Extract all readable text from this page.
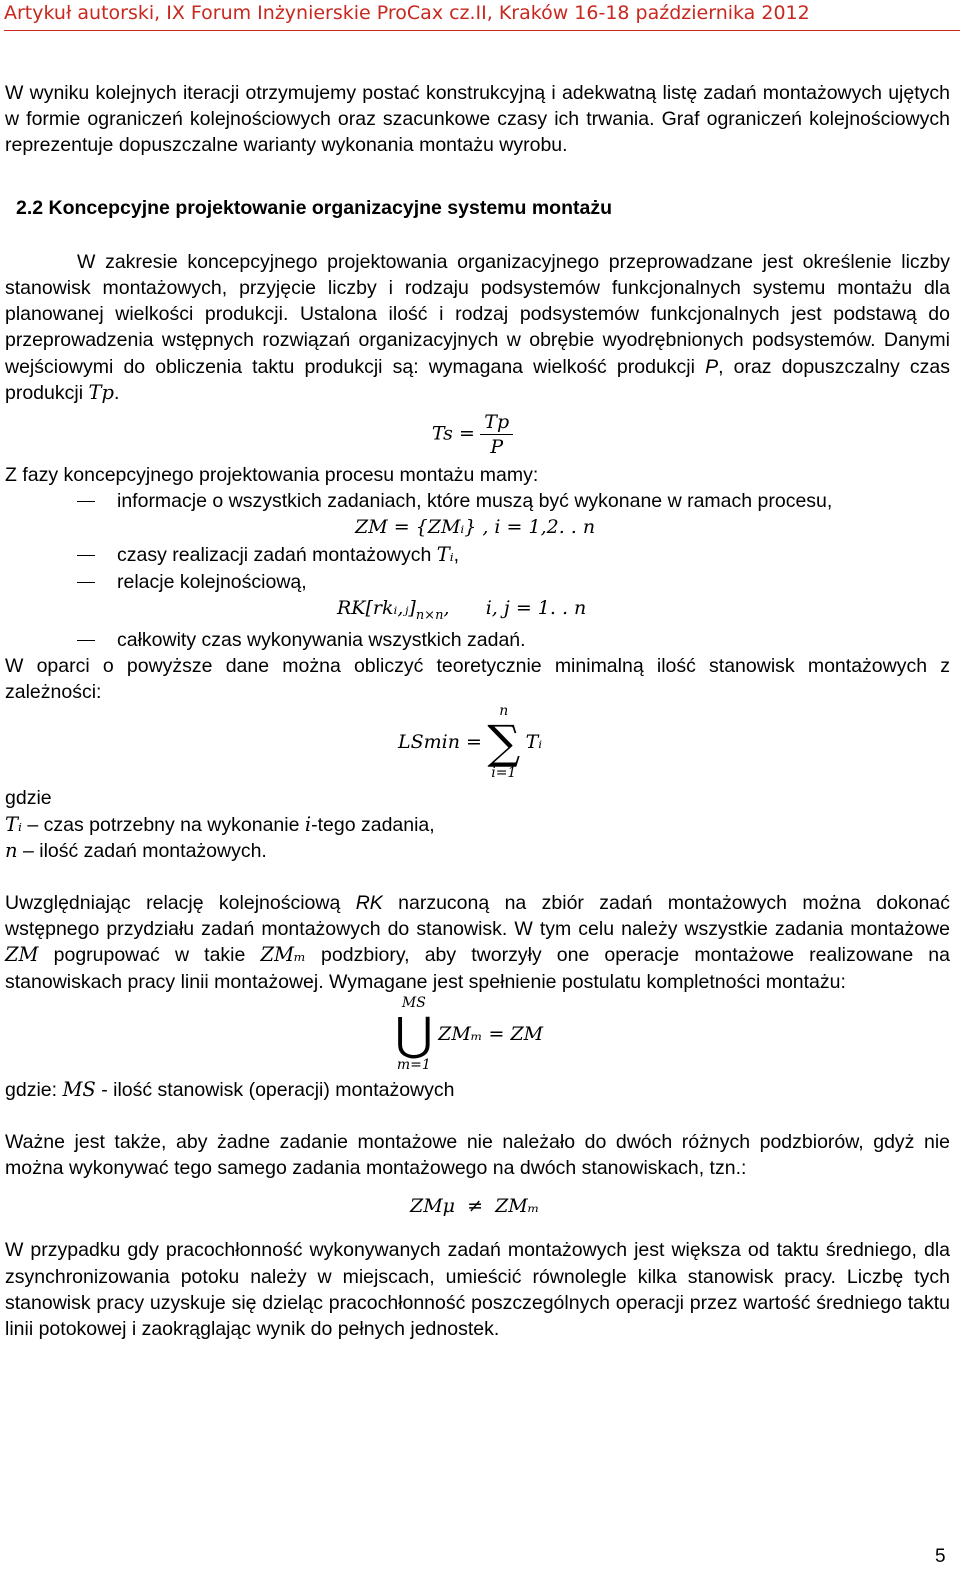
Artykuł autorski, IX Forum Inżynierskie ProCax cz.II, Kraków 16-18 października 2012

W wyniku kolejnych iteracji otrzymujemy postać konstrukcyjną i adekwatną listę zadań montażowych ujętych w formie ograniczeń kolejnościowych oraz szacunkowe czasy ich trwania. Graf ograniczeń kolejnościowych reprezentuje dopuszczalne warianty wykonania montażu wyrobu.

2.2 Koncepcyjne projektowanie organizacyjne systemu montażu

W zakresie koncepcyjnego projektowania organizacyjnego przeprowadzane jest określenie liczby stanowisk montażowych, przyjęcie liczby i rodzaju podsystemów funkcjonalnych systemu montażu dla planowanej wielkości produkcji. Ustalona ilość i rodzaj podsystemów funkcjonalnych jest podstawą do przeprowadzenia wstępnych rozwiązań organizacyjnych w obrębie wyodrębnionych podsystemów. Danymi wejściowymi do obliczenia taktu produkcji są: wymagana wielkość produkcji P, oraz dopuszczalny czas produkcji Tp.

$Ts = \frac{Tp}{P}$

Z fazy koncepcyjnego projektowania procesu montażu mamy:

informacje o wszystkich zadaniach, które muszą być wykonane w ramach procesu,

ZM = {ZMᵢ} , i = 1,2. . n

czasy realizacji zadań montażowych Tᵢ,

relacje kolejnościową,

$RK[rkᵢ,ⱼ]_{n\times n}$,      i, j = 1. . n

całkowity czas wykonywania wszystkich zadań.

W oparci o powyższe dane można obliczyć teoretycznie minimalną ilość stanowisk montażowych z zależności:

LSmin =
n
∑
i=1
Tᵢ

gdzie

Tᵢ – czas potrzebny na wykonanie i-tego zadania,

n – ilość zadań montażowych.

Uwzględniając relację kolejnościową RK narzuconą na zbiór zadań montażowych można dokonać wstępnego przydziału zadań montażowych do stanowisk. W tym celu należy wszystkie zadania montażowe ZM pogrupować w takie ZMₘ podzbiory, aby tworzyły one operacje montażowe realizowane na stanowiskach pracy linii montażowej. Wymagane jest spełnienie postulatu kompletności montażu:

MS
⋃
m=1
ZMₘ = ZM

gdzie: MS - ilość stanowisk (operacji) montażowych

Ważne jest także, aby żadne zadanie montażowe nie należało do dwóch różnych podzbiorów, gdyż nie można wykonywać tego samego zadania montażowego na dwóch stanowiskach, tzn.:

ZMμ  ≠  ZMₘ

W przypadku gdy pracochłonność wykonywanych zadań montażowych jest większa od taktu średniego, dla zsynchronizowania potoku należy w miejscach, umieścić równolegle kilka stanowisk pracy. Liczbę tych stanowisk pracy uzyskuje się dzieląc pracochłonność poszczególnych operacji przez wartość średniego taktu linii potokowej i zaokrąglając wynik do pełnych jednostek.

5
